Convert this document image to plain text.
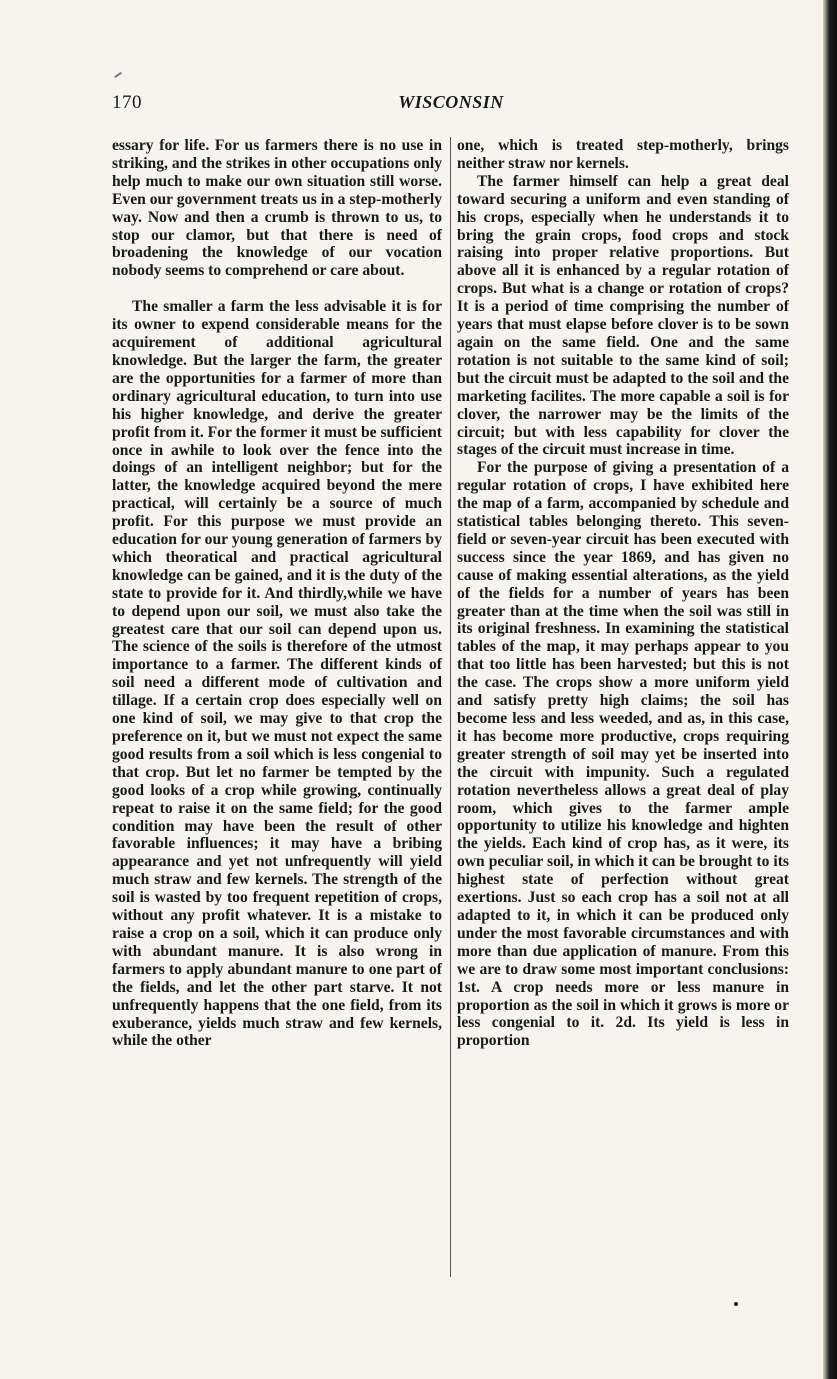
170	WISCONSIN

essary for life. For us farmers there is no use in striking, and the strikes in other occupations only help much to make our own situation still worse. Even our government treats us in a step-motherly way. Now and then a crumb is thrown to us, to stop our clamor, but that there is need of broadening the knowledge of our vocation nobody seems to comprehend or care about.

The smaller a farm the less advisable it is for its owner to expend considerable means for the acquirement of additional agricultural knowledge. But the larger the farm, the greater are the opportunities for a farmer of more than ordinary agricultural education, to turn into use his higher knowledge, and derive the greater profit from it. For the former it must be sufficient once in awhile to look over the fence into the doings of an intelligent neighbor; but for the latter, the knowledge acquired beyond the mere practical, will certainly be a source of much profit. For this purpose we must provide an education for our young generation of farmers by which theoratical and practical agricultural knowledge can be gained, and it is the duty of the state to provide for it. And thirdly,while we have to depend upon our soil, we must also take the greatest care that our soil can depend upon us. The science of the soils is therefore of the utmost importance to a farmer. The different kinds of soil need a different mode of cultivation and tillage. If a certain crop does especially well on one kind of soil, we may give to that crop the preference on it, but we must not expect the same good results from a soil which is less congenial to that crop. But let no farmer be tempted by the good looks of a crop while growing, continually repeat to raise it on the same field; for the good condition may have been the result of other favorable influences; it may have a bribing appearance and yet not unfrequently will yield much straw and few kernels. The strength of the soil is wasted by too frequent repetition of crops, without any profit whatever. It is a mistake to raise a crop on a soil, which it can produce only with abundant manure. It is also wrong in farmers to apply abundant manure to one part of the fields, and let the other part starve. It not unfrequently happens that the one field, from its exuberance, yields much straw and few kernels, while the other

one, which is treated step-motherly, brings neither straw nor kernels.

The farmer himself can help a great deal toward securing a uniform and even standing of his crops, especially when he understands it to bring the grain crops, food crops and stock raising into proper relative proportions. But above all it is enhanced by a regular rotation of crops. But what is a change or rotation of crops? It is a period of time comprising the number of years that must elapse before clover is to be sown again on the same field. One and the same rotation is not suitable to the same kind of soil; but the circuit must be adapted to the soil and the marketing facilites. The more capable a soil is for clover, the narrower may be the limits of the circuit; but with less capability for clover the stages of the circuit must increase in time.

For the purpose of giving a presentation of a regular rotation of crops, I have exhibited here the map of a farm, accompanied by schedule and statistical tables belonging thereto. This seven-field or seven-year circuit has been executed with success since the year 1869, and has given no cause of making essential alterations, as the yield of the fields for a number of years has been greater than at the time when the soil was still in its original freshness. In examining the statistical tables of the map, it may perhaps appear to you that too little has been harvested; but this is not the case. The crops show a more uniform yield and satisfy pretty high claims; the soil has become less and less weeded, and as, in this case, it has become more productive, crops requiring greater strength of soil may yet be inserted into the circuit with impunity. Such a regulated rotation nevertheless allows a great deal of play room, which gives to the farmer ample opportunity to utilize his knowledge and highten the yields. Each kind of crop has, as it were, its own peculiar soil, in which it can be brought to its highest state of perfection without great exertions. Just so each crop has a soil not at all adapted to it, in which it can be produced only under the most favorable circumstances and with more than due application of manure. From this we are to draw some most important conclusions: 1st. A crop needs more or less manure in proportion as the soil in which it grows is more or less congenial to it. 2d. Its yield is less in proportion
